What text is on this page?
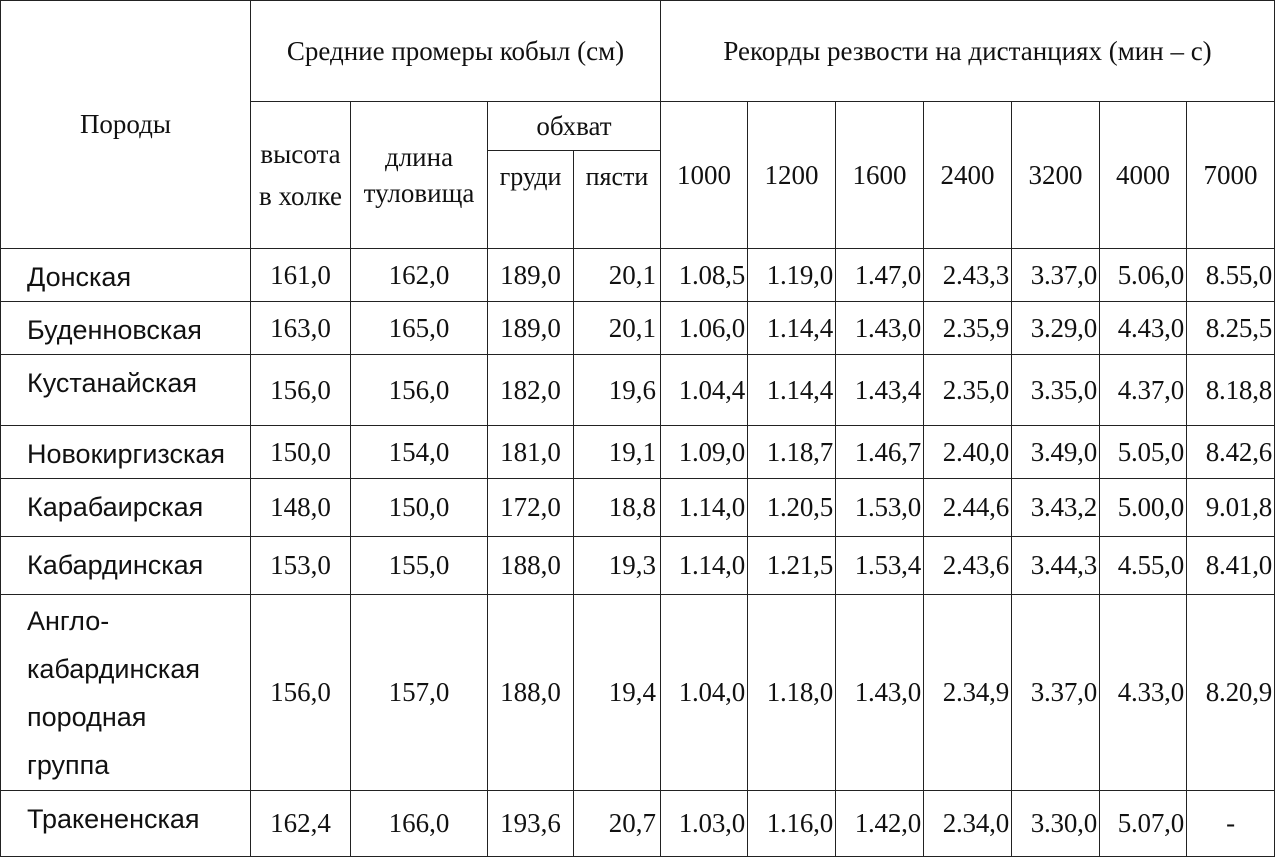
Породы	Средние промеры кобыл (см)				Рекорды резвости на дистанциях (мин – с)						
	высота в холке	длина туловища	обхват		1000	1200	1600	2400	3200	4000	7000
			груди	пясти							
Донская	161,0	162,0	189,0	20,1	1.08,5	1.19,0	1.47,0	2.43,3	3.37,0	5.06,0	8.55,0
Буденновская	163,0	165,0	189,0	20,1	1.06,0	1.14,4	1.43,0	2.35,9	3.29,0	4.43,0	8.25,5
Кустанайская	156,0	156,0	182,0	19,6	1.04,4	1.14,4	1.43,4	2.35,0	3.35,0	4.37,0	8.18,8
Новокиргизская	150,0	154,0	181,0	19,1	1.09,0	1.18,7	1.46,7	2.40,0	3.49,0	5.05,0	8.42,6
Карабаирская	148,0	150,0	172,0	18,8	1.14,0	1.20,5	1.53,0	2.44,6	3.43,2	5.00,0	9.01,8
Кабардинская	153,0	155,0	188,0	19,3	1.14,0	1.21,5	1.53,4	2.43,6	3.44,3	4.55,0	8.41,0
Англо-кабардинская породная группа	156,0	157,0	188,0	19,4	1.04,0	1.18,0	1.43,0	2.34,9	3.37,0	4.33,0	8.20,9
Тракененская	162,4	166,0	193,6	20,7	1.03,0	1.16,0	1.42,0	2.34,0	3.30,0	5.07,0	-
